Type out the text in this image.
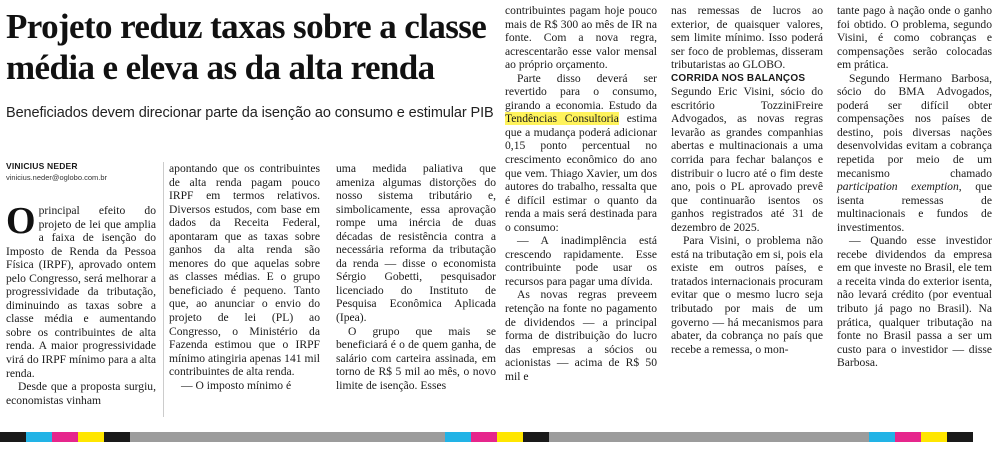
Projeto reduz taxas sobre a classe média e eleva as da alta renda
Beneficiados devem direcionar parte da isenção ao consumo e estimular PIB
VINICIUS NEDER
vinicius.neder@oglobo.com.br

Oprincipal efeito do projeto de lei que amplia a faixa de isenção do Imposto de Renda da Pessoa Física (IRPF), aprovado ontem pelo Congresso, será melhorar a progressividade da tributação, diminuindo as taxas sobre a classe média e aumentando sobre os contribuintes de alta renda. A maior progressividade virá do IRPF mínimo para a alta renda.

Desde que a proposta surgiu, economistas vinham

apontando que os contribuintes de alta renda pagam pouco IRPF em termos relativos. Diversos estudos, com base em dados da Receita Federal, apontaram que as taxas sobre ganhos da alta renda são menores do que aquelas sobre as classes médias. E o grupo beneficiado é pequeno. Tanto que, ao anunciar o envio do projeto de lei (PL) ao Congresso, o Ministério da Fazenda estimou que o IRPF mínimo atingiria apenas 141 mil contribuintes de alta renda.

— O imposto mínimo é

uma medida paliativa que ameniza algumas distorções do nosso sistema tributário e, simbolicamente, essa aprovação rompe uma inércia de duas décadas de resistência contra a necessária reforma da tributação da renda — disse o economista Sérgio Gobetti, pesquisador licenciado do Instituto de Pesquisa Econômica Aplicada (Ipea).

O grupo que mais se beneficiará é o de quem ganha, de salário com carteira assinada, em torno de R$ 5 mil ao mês, o novo limite de isenção. Esses

contribuintes pagam hoje pouco mais de R$ 300 ao mês de IR na fonte. Com a nova regra, acrescentarão esse valor mensal ao próprio orçamento.

Parte disso deverá ser revertido para o consumo, girando a economia. Estudo da Tendências Consultoria estima que a mudança poderá adicionar 0,15 ponto percentual no crescimento econômico do ano que vem. Thiago Xavier, um dos autores do trabalho, ressalta que é difícil estimar o quanto da renda a mais será destinada para o consumo:

— A inadimplência está crescendo rapidamente. Esse contribuinte pode usar os recursos para pagar uma dívida.

As novas regras preveem retenção na fonte no pagamento de dividendos — a principal forma de distribuição do lucro das empresas a sócios ou acionistas — acima de R$ 50 mil e

nas remessas de lucros ao exterior, de quaisquer valores, sem limite mínimo. Isso poderá ser foco de problemas, disseram tributaristas ao GLOBO.

CORRIDA NOS BALANÇOS

Segundo Eric Visini, sócio do escritório TozziniFreire Advogados, as novas regras levarão as grandes companhias abertas e multinacionais a uma corrida para fechar balanços e distribuir o lucro até o fim deste ano, pois o PL aprovado prevê que continuarão isentos os ganhos registrados até 31 de dezembro de 2025.

Para Visini, o problema não está na tributação em si, pois ela existe em outros países, e tratados internacionais procuram evitar que o mesmo lucro seja tributado por mais de um governo — há mecanismos para abater, da cobrança no país que recebe a remessa, o mon-

tante pago à nação onde o ganho foi obtido. O problema, segundo Visini, é como cobranças e compensações serão colocadas em prática.

Segundo Hermano Barbosa, sócio do BMA Advogados, poderá ser difícil obter compensações nos países de destino, pois diversas nações desenvolvidas evitam a cobrança repetida por meio de um mecanismo chamado participation exemption, que isenta remessas de multinacionais e fundos de investimentos.

— Quando esse investidor recebe dividendos da empresa em que investe no Brasil, ele tem a receita vinda do exterior isenta, não levará crédito (por eventual tributo já pago no Brasil). Na prática, qualquer tributação na fonte no Brasil passa a ser um custo para o investidor — disse Barbosa.
